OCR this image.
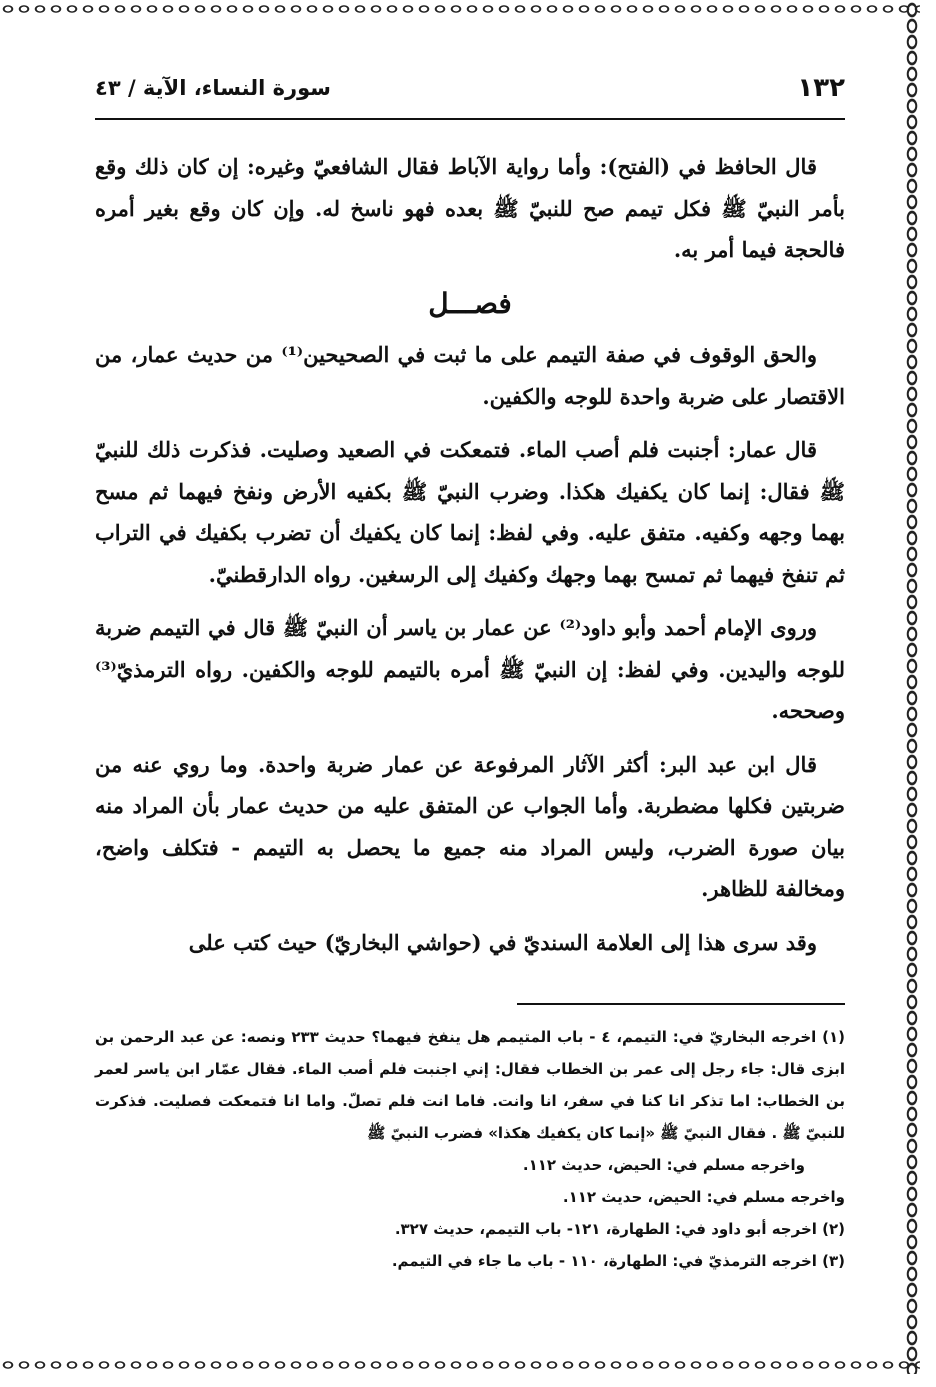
١٣٢
سورة النساء، الآية / ٤٣

قال الحافظ في (الفتح): وأما رواية الآباط فقال الشافعيّ وغيره: إن كان ذلك وقع بأمر النبيّ ﷺ فكل تيمم صح للنبيّ ﷺ بعده فهو ناسخ له. وإن كان وقع بغير أمره فالحجة فيما أمر به.

فصـــل

والحق الوقوف في صفة التيمم على ما ثبت في الصحيحين⁽¹⁾ من حديث عمار، من الاقتصار على ضربة واحدة للوجه والكفين.

قال عمار: أجنبت فلم أصب الماء. فتمعكت في الصعيد وصليت. فذكرت ذلك للنبيّ ﷺ فقال: إنما كان يكفيك هكذا. وضرب النبيّ ﷺ بكفيه الأرض ونفخ فيهما ثم مسح بهما وجهه وكفيه. متفق عليه. وفي لفظ: إنما كان يكفيك أن تضرب بكفيك في التراب ثم تنفخ فيهما ثم تمسح بهما وجهك وكفيك إلى الرسغين. رواه الدارقطنيّ.

وروى الإمام أحمد وأبو داود⁽²⁾ عن عمار بن ياسر أن النبيّ ﷺ قال في التيمم ضربة للوجه واليدين. وفي لفظ: إن النبيّ ﷺ أمره بالتيمم للوجه والكفين. رواه الترمذيّ⁽³⁾ وصححه.

قال ابن عبد البر: أكثر الآثار المرفوعة عن عمار ضربة واحدة. وما روي عنه من ضربتين فكلها مضطربة. وأما الجواب عن المتفق عليه من حديث عمار بأن المراد منه بيان صورة الضرب، وليس المراد منه جميع ما يحصل به التيمم - فتكلف واضح، ومخالفة للظاهر.

وقد سرى هذا إلى العلامة السنديّ في (حواشي البخاريّ) حيث كتب على

(١) اخرجه البخاريّ في: التيمم، ٤ - باب المتيمم هل ينفخ فيهما؟ حديث ٢٣٣ ونصه: عن عبد الرحمن بن ابزى قال: جاء رجل إلى عمر بن الخطاب فقال: إني اجنبت فلم أصب الماء. فقال عمّار ابن ياسر لعمر بن الخطاب: اما تذكر انا كنا في سفر، انا وانت. فاما انت فلم تصلّ. واما انا فتمعكت فصليت. فذكرت للنبيّ ﷺ . فقال النبيّ ﷺ «إنما كان يكفيك هكذا» فضرب النبيّ ﷺ

واخرجه مسلم في: الحيض، حديث ١١٢.

واخرجه مسلم في: الحيض، حديث ١١٢.

(٢) اخرجه أبو داود في: الطهارة، ١٢١- باب التيمم، حديث ٣٢٧.

(٣) اخرجه الترمذيّ في: الطهارة، ١١٠ - باب ما جاء في التيمم.
